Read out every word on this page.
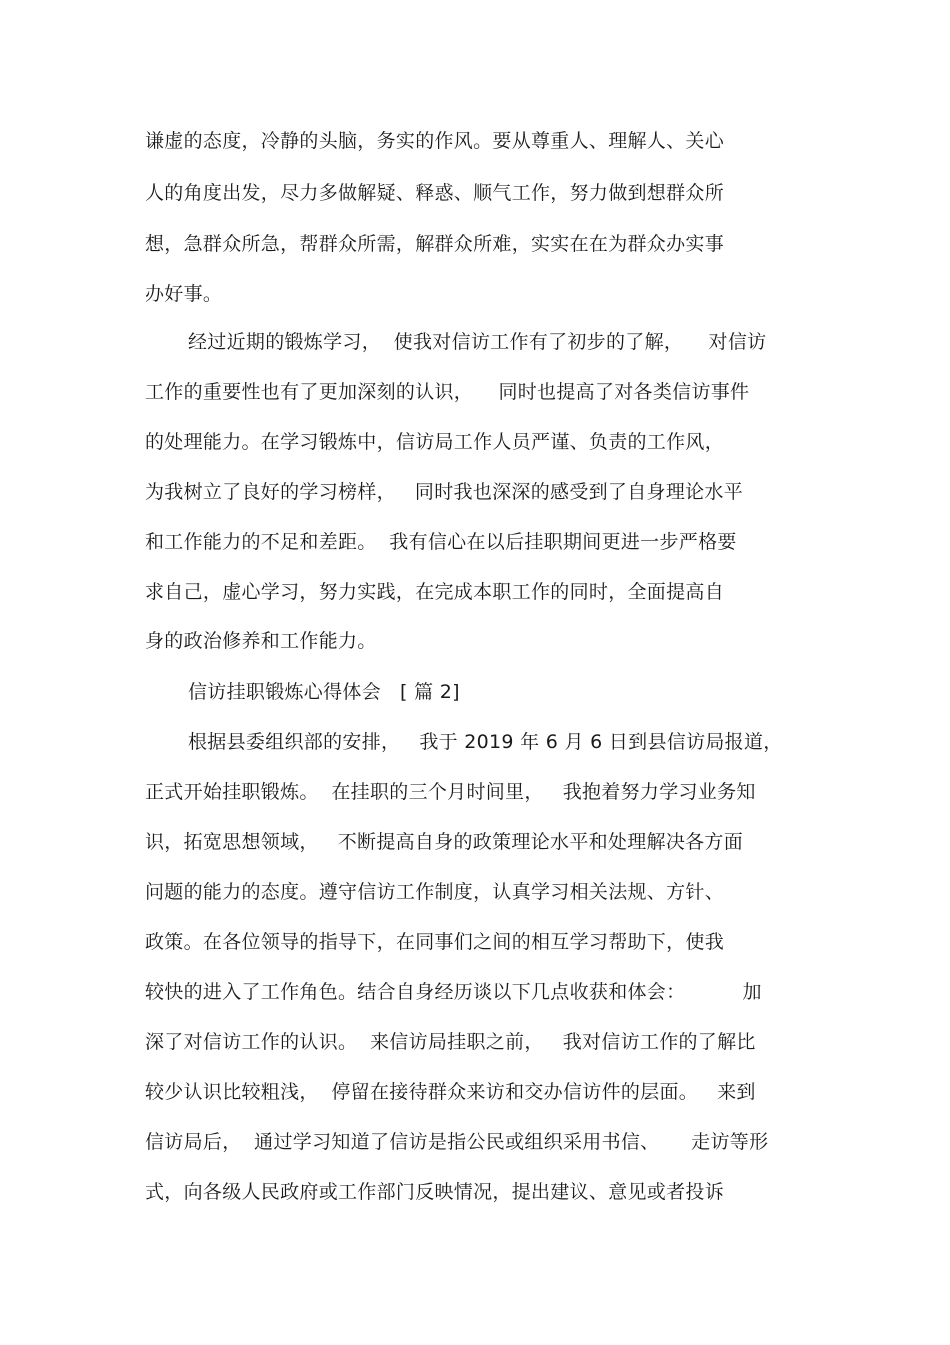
谦虚的态度，冷静的头脑，务实的作风。要从尊重人、理解人、关心
人的角度出发，尽力多做解疑、释惑、顺气工作，努力做到想群众所
想，急群众所急，帮群众所需，解群众所难，实实在在为群众办实事
办好事。
经过近期的锻炼学习，  使我对信访工作有了初步的了解，    对信访
工作的重要性也有了更加深刻的认识，    同时也提高了对各类信访事件
的处理能力。在学习锻炼中，信访局工作人员严谨、负责的工作风，
为我树立了良好的学习榜样，   同时我也深深的感受到了自身理论水平
和工作能力的不足和差距。  我有信心在以后挂职期间更进一步严格要
求自己，虚心学习，努力实践，在完成本职工作的同时，全面提高自
身的政治修养和工作能力。
信访挂职锻炼心得体会   [ 篇 2]
根据县委组织部的安排，   我于 2019 年 6 月 6 日到县信访局报道，
正式开始挂职锻炼。  在挂职的三个月时间里，   我抱着努力学习业务知
识，拓宽思想领域，   不断提高自身的政策理论水平和处理解决各方面
问题的能力的态度。遵守信访工作制度，认真学习相关法规、方针、
政策。在各位领导的指导下，在同事们之间的相互学习帮助下，使我
较快的进入了工作角色。结合自身经历谈以下几点收获和体会：         加
深了对信访工作的认识。  来信访局挂职之前，   我对信访工作的了解比
较少认识比较粗浅，  停留在接待群众来访和交办信访件的层面。   来到
信访局后，  通过学习知道了信访是指公民或组织采用书信、     走访等形
式，向各级人民政府或工作部门反映情况，提出建议、意见或者投诉
